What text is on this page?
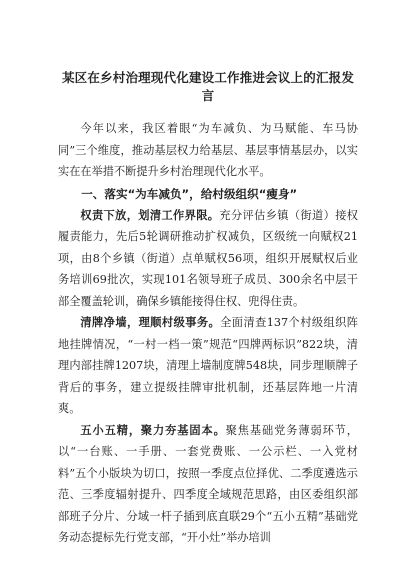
某区在乡村治理现代化建设工作推进会议上的汇报发言

今年以来，我区着眼“为车减负、为马赋能、车马协同”三个维度，推动基层权力给基层、基层事情基层办，以实实在在举措不断提升乡村治理现代化水平。

一、落实“为车减负”，给村级组织“瘦身”

权责下放，划清工作界限。充分评估乡镇（街道）接权履责能力，先后5轮调研推动扩权减负，区级统一向赋权21项，由8个乡镇（街道）点单赋权56项，组织开展赋权后业务培训69批次，实现101名领导班子成员、300余名中层干部全覆盖轮训，确保乡镇能接得住权、兜得住责。

清牌净墙，理顺村级事务。全面清查137个村级组织阵地挂牌情况，“一村一档一策”规范“四牌两标识”822块，清理内部挂牌1207块，清理上墙制度牌548块，同步理顺牌子背后的事务，建立提级挂牌审批机制，还基层阵地一片清爽。

五小五精，聚力夯基固本。聚焦基础党务薄弱环节，以“一台账、一手册、一套党费账、一公示栏、一入党材料”五个小版块为切口，按照一季度点位择优、二季度遴选示范、三季度辐射提升、四季度全域规范思路，由区委组织部部班子分片、分域一杆子插到底直联29个“五小五精”基础党务动态提标先行党支部，“开小灶”举办培训
